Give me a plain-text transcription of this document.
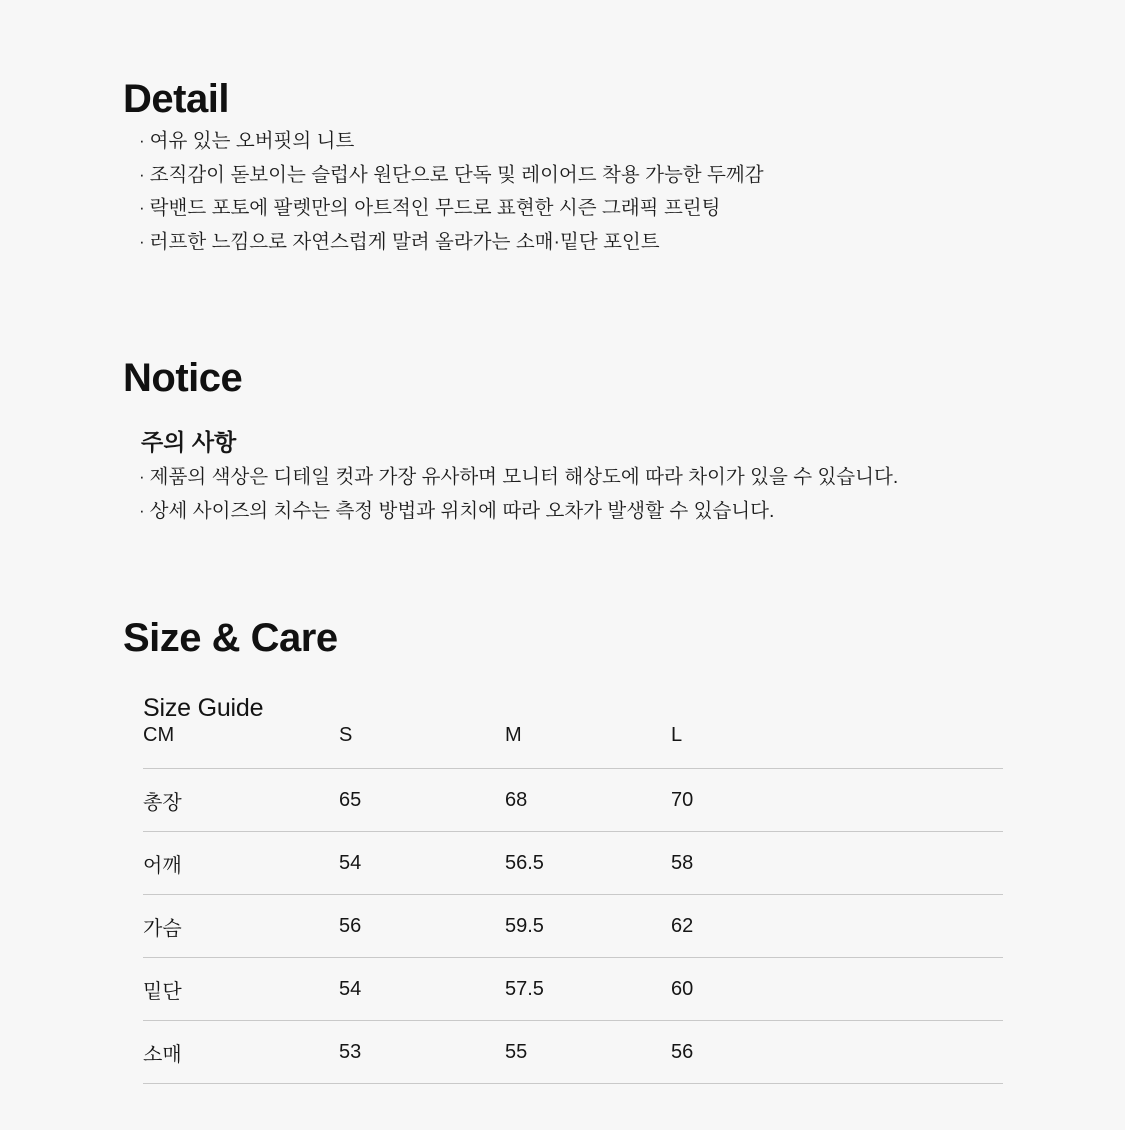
Detail
· 여유 있는 오버핏의 니트
· 조직감이 돋보이는 슬럽사 원단으로 단독 및 레이어드 착용 가능한 두께감
· 락밴드 포토에 팔렛만의 아트적인 무드로 표현한 시즌 그래픽 프린팅
· 러프한 느낌으로 자연스럽게 말려 올라가는 소매·밑단 포인트
Notice
주의 사항
· 제품의 색상은 디테일 컷과 가장 유사하며 모니터 해상도에 따라 차이가 있을 수 있습니다.
· 상세 사이즈의 치수는 측정 방법과 위치에 따라 오차가 발생할 수 있습니다.
Size & Care
Size Guide
CM	S	M	L
총장	65	68	70
어깨	54	56.5	58
가슴	56	59.5	62
밑단	54	57.5	60
소매	53	55	56
